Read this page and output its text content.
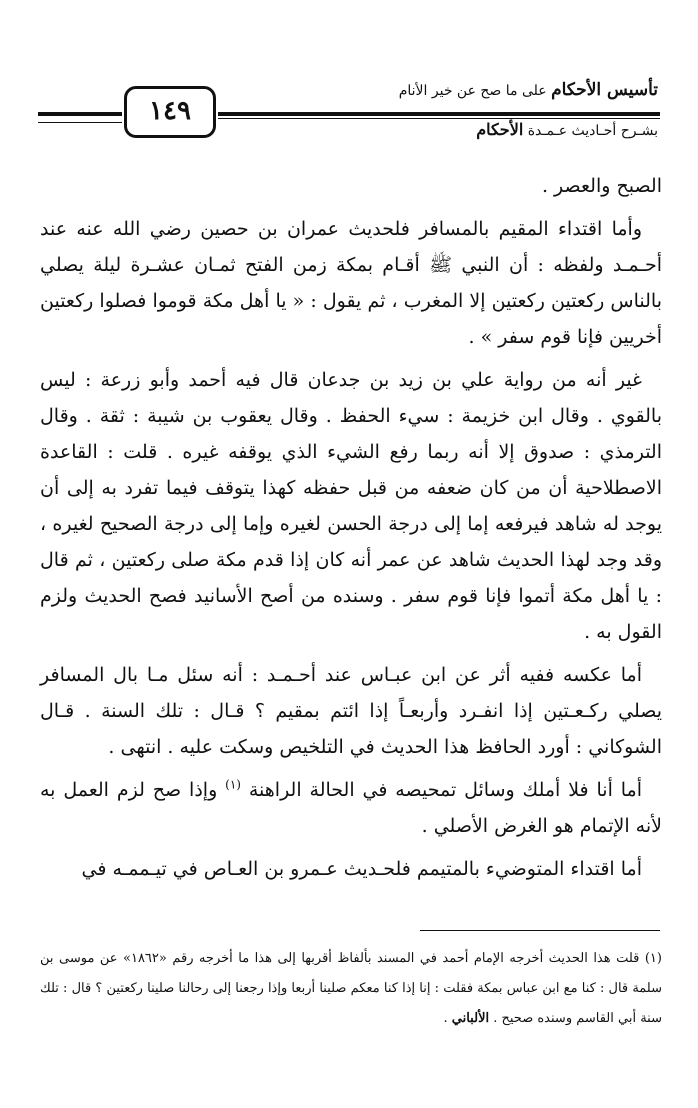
تأسيس الأحكام على ما صح عن خير الأنام
١٤٩
بشـرح أحـاديث عـمـدة الأحكام

الصبح والعصر .

وأما اقتداء المقيم بالمسافر فلحديث عمران بن حصين رضي الله عنه عند أحـمـد ولفظه : أن النبي ﷺ أقـام بمكة زمن الفتح ثمـان عشـرة ليلة يصلي بالناس ركعتين ركعتين إلا المغرب ، ثم يقول : « يا أهل مكة قوموا فصلوا ركعتين أخريين فإنا قوم سفر » .

غير أنه من رواية علي بن زيد بن جدعان قال فيه أحمد وأبو زرعة : ليس بالقوي . وقال ابن خزيمة : سيء الحفظ . وقال يعقوب بن شيبة : ثقة . وقال الترمذي : صدوق إلا أنه ربما رفع الشيء الذي يوقفه غيره . قلت : القاعدة الاصطلاحية أن من كان ضعفه من قبل حفظه كهذا يتوقف فيما تفرد به إلى أن يوجد له شاهد فيرفعه إما إلى درجة الحسن لغيره وإما إلى درجة الصحيح لغيره ، وقد وجد لهذا الحديث شاهد عن عمر أنه كان إذا قدم مكة صلى ركعتين ، ثم قال : يا أهل مكة أتموا فإنا قوم سفر . وسنده من أصح الأسانيد فصح الحديث ولزم القول به .

أما عكسه ففيه أثر عن ابن عبـاس عند أحـمـد : أنه سئل مـا بال المسافر يصلي ركـعـتين إذا انفـرد وأربعـاً إذا ائتم بمقيم ؟ قـال : تلك السنة . قـال الشوكاني : أورد الحافظ هذا الحديث في التلخيص وسكت عليه . انتهى .

أما أنا فلا أملك وسائل تمحيصه في الحالة الراهنة $^{(١)}$ وإذا صح لزم العمل به لأنه الإتمام هو الغرض الأصلي .

أما اقتداء المتوضيء بالمتيمم فلحـديث عـمرو بن العـاص في تيـممـه في

(١) قلت هذا الحديث أخرجه الإمام أحمد في المسند بألفاظ أقربها إلى هذا ما أخرجه رقم «١٨٦٢» عن موسى بن سلمة قال : كنا مع ابن عباس بمكة فقلت : إنا إذا كنا معكم صلينا أربعا وإذا رجعنا إلى رحالنا صلينا ركعتين ؟ قال : تلك سنة أبي القاسم وسنده صحيح . الألباني .
